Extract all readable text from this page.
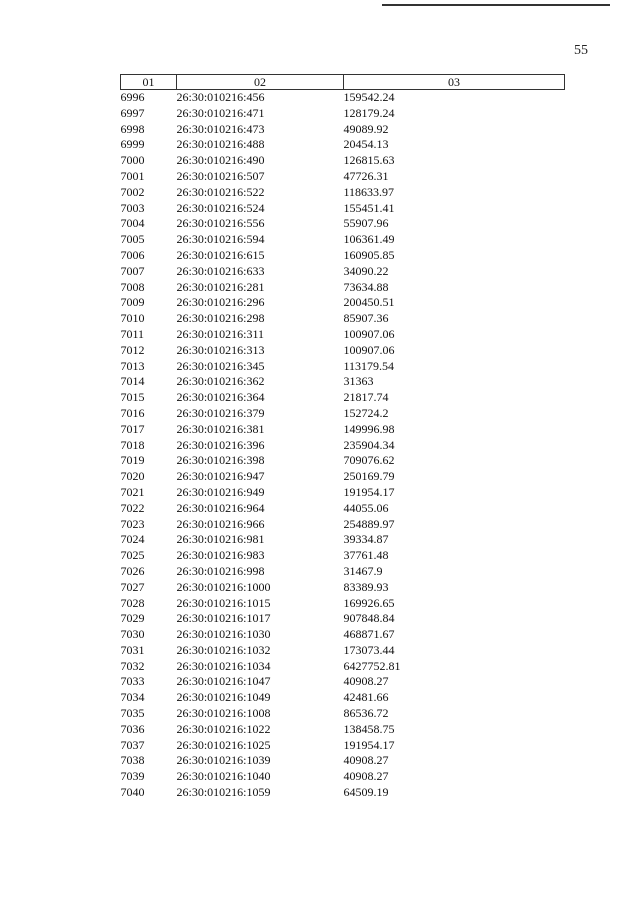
55
01	02	03
6996	26:30:010216:456	159542.24
6997	26:30:010216:471	128179.24
6998	26:30:010216:473	49089.92
6999	26:30:010216:488	20454.13
7000	26:30:010216:490	126815.63
7001	26:30:010216:507	47726.31
7002	26:30:010216:522	118633.97
7003	26:30:010216:524	155451.41
7004	26:30:010216:556	55907.96
7005	26:30:010216:594	106361.49
7006	26:30:010216:615	160905.85
7007	26:30:010216:633	34090.22
7008	26:30:010216:281	73634.88
7009	26:30:010216:296	200450.51
7010	26:30:010216:298	85907.36
7011	26:30:010216:311	100907.06
7012	26:30:010216:313	100907.06
7013	26:30:010216:345	113179.54
7014	26:30:010216:362	31363
7015	26:30:010216:364	21817.74
7016	26:30:010216:379	152724.2
7017	26:30:010216:381	149996.98
7018	26:30:010216:396	235904.34
7019	26:30:010216:398	709076.62
7020	26:30:010216:947	250169.79
7021	26:30:010216:949	191954.17
7022	26:30:010216:964	44055.06
7023	26:30:010216:966	254889.97
7024	26:30:010216:981	39334.87
7025	26:30:010216:983	37761.48
7026	26:30:010216:998	31467.9
7027	26:30:010216:1000	83389.93
7028	26:30:010216:1015	169926.65
7029	26:30:010216:1017	907848.84
7030	26:30:010216:1030	468871.67
7031	26:30:010216:1032	173073.44
7032	26:30:010216:1034	6427752.81
7033	26:30:010216:1047	40908.27
7034	26:30:010216:1049	42481.66
7035	26:30:010216:1008	86536.72
7036	26:30:010216:1022	138458.75
7037	26:30:010216:1025	191954.17
7038	26:30:010216:1039	40908.27
7039	26:30:010216:1040	40908.27
7040	26:30:010216:1059	64509.19
